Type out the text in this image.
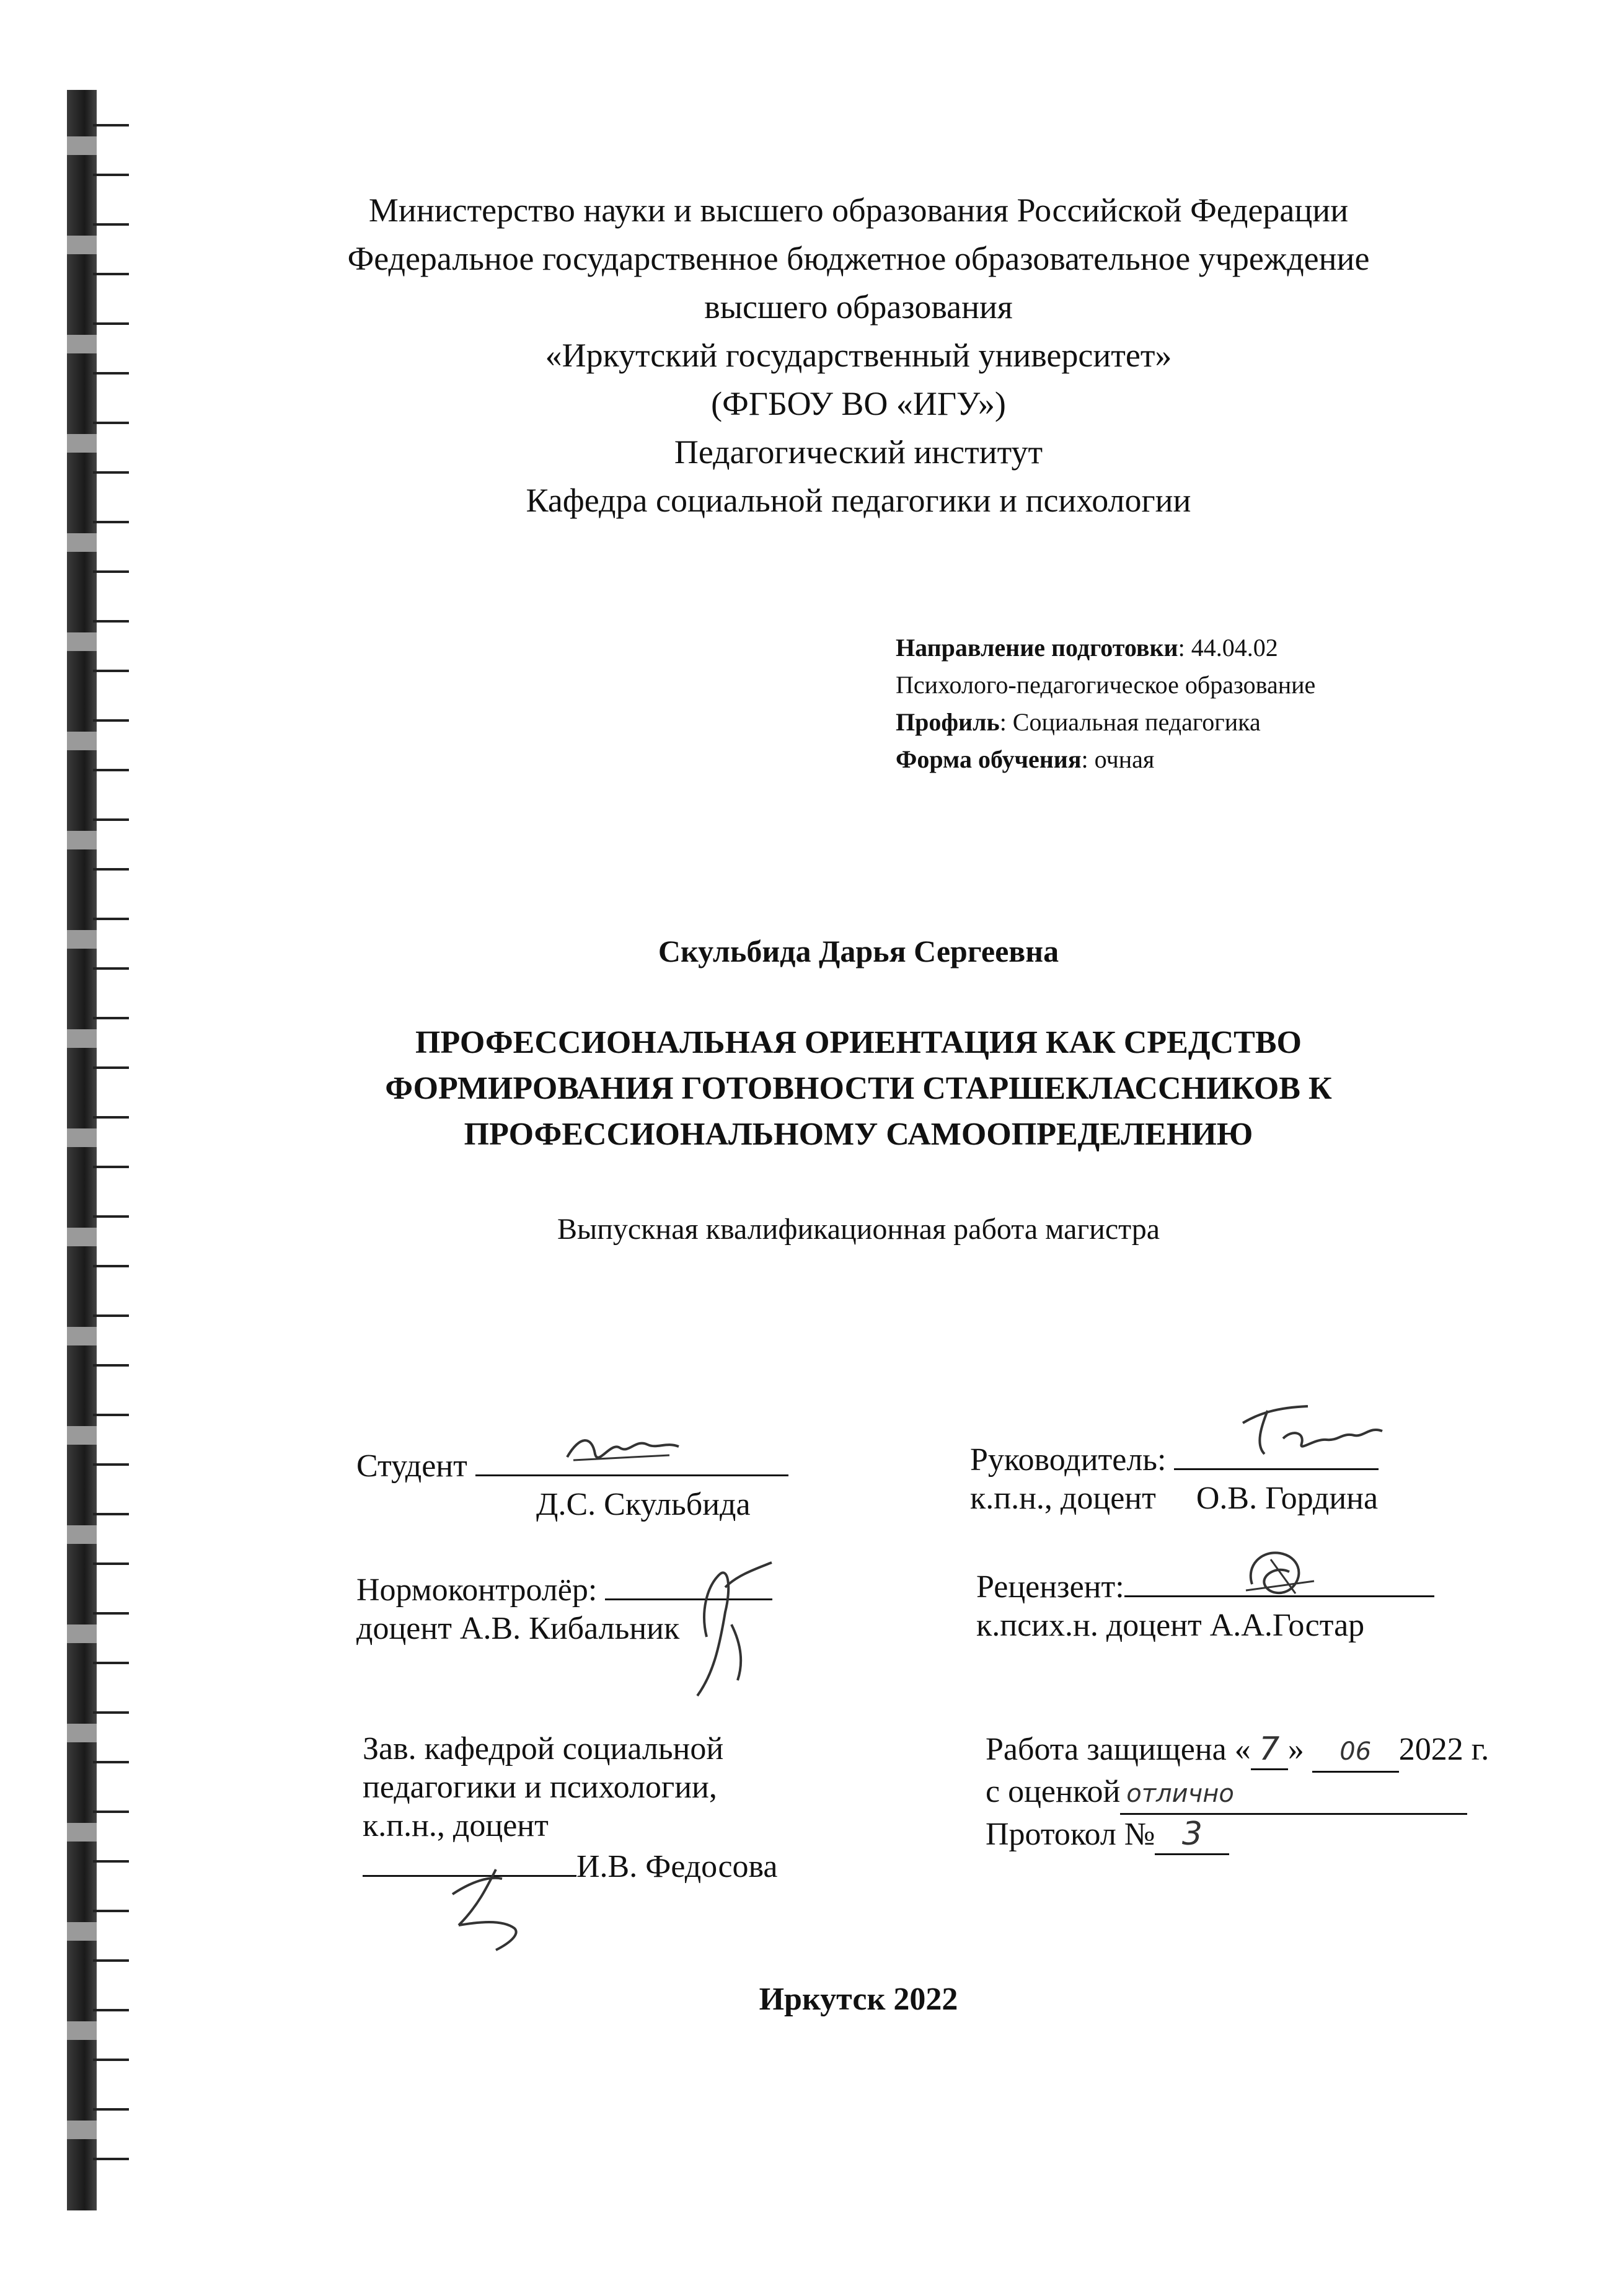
Министерство науки и высшего образования Российской Федерации
Федеральное государственное бюджетное образовательное учреждение
высшего образования
«Иркутский государственный университет»
(ФГБОУ ВО «ИГУ»)
Педагогический институт
Кафедра социальной педагогики и психологии
Направление подготовки: 44.04.02
Психолого-педагогическое образование
Профиль: Социальная педагогика
Форма обучения: очная
Скульбида Дарья Сергеевна
ПРОФЕССИОНАЛЬНАЯ ОРИЕНТАЦИЯ КАК СРЕДСТВО
ФОРМИРОВАНИЯ ГОТОВНОСТИ СТАРШЕКЛАССНИКОВ К
ПРОФЕССИОНАЛЬНОМУ САМООПРЕДЕЛЕНИЮ
Выпускная квалификационная работа магистра
Студент
Д.С. Скульбида
Руководитель:
к.п.н., доцент О.В. Гордина
Нормоконтролёр:
доцент А.В. Кибальник
Рецензент:
к.псих.н. доцент А.А.Гостар
Зав. кафедрой социальной
педагогики и психологии,
к.п.н., доцент
И.В. Федосова
Работа защищена « 7 » 06 2022 г.
с оценкой отлично
Протокол № 3
Иркутск 2022
